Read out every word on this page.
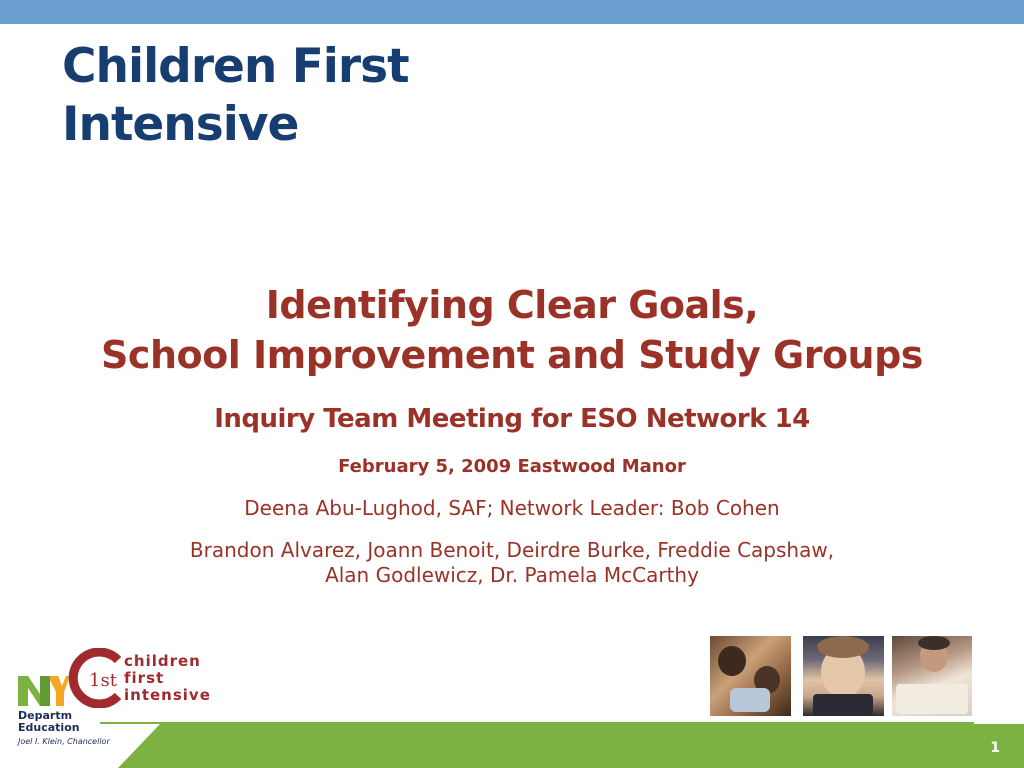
Children First
Intensive
Identifying Clear Goals,
School Improvement and Study Groups
Inquiry Team Meeting for ESO Network 14
February 5, 2009 Eastwood Manor
Deena Abu-Lughod, SAF; Network Leader: Bob Cohen
Brandon Alvarez, Joann Benoit, Deirdre Burke, Freddie Capshaw,
Alan Godlewicz, Dr. Pamela McCarthy
1
1st

children
first
intensive

Departm
Education
Joel I. Klein, Chancellor
